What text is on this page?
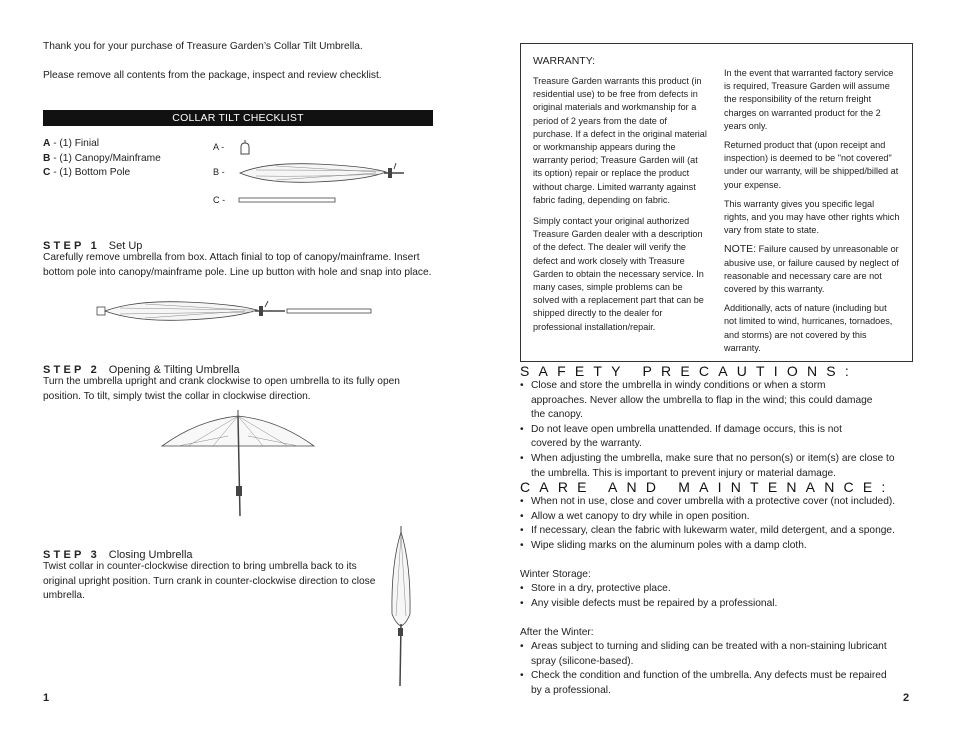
Thank you for your purchase of Treasure Garden’s Collar Tilt Umbrella.
Please remove all contents from the package, inspect and review checklist.
COLLAR TILT CHECKLIST
A - (1) Finial
B - (1) Canopy/Mainframe
C - (1) Bottom Pole
A -
B -
C -
STEP 1 Set Up
Carefully remove umbrella from box. Attach finial to top of canopy/mainframe. Insert bottom pole into canopy/mainframe pole. Line up button with hole and snap into place.
STEP 2 Opening & Tilting Umbrella
Turn the umbrella upright and crank clockwise to open umbrella to its fully open position. To tilt, simply twist the collar in clockwise direction.
STEP 3 Closing Umbrella
Twist collar in counter-clockwise direction to bring umbrella back to its original upright position. Turn crank in counter-clockwise direction to close umbrella.
1
WARRANTY:
Treasure Garden warrants this product (in residential use) to be free from defects in original materials and workmanship for a period of 2 years from the date of purchase. If a defect in the original material or workmanship appears during the warranty period; Treasure Garden will (at its option) repair or replace the product without charge. Limited warranty against fabric fading, depending on fabric.
Simply contact your original authorized Treasure Garden dealer with a description of the defect. The dealer will verify the defect and work closely with Treasure Garden to obtain the necessary service. In many cases, simple problems can be solved with a replacement part that can be shipped directly to the dealer for professional installation/repair.
In the event that warranted factory service is required, Treasure Garden will assume the responsibility of the return freight charges on warranted product for the 2 years only.
Returned product that (upon receipt and inspection) is deemed to be "not covered" under our warranty, will be shipped/billed at your expense.
This warranty gives you specific legal rights, and you may have other rights which vary from state to state.
NOTE: Failure caused by unreasonable or abusive use, or failure caused by neglect of reasonable and necessary care are not covered by this warranty.
Additionally, acts of nature (including but not limited to wind, hurricanes, tornadoes, and storms) are not covered by this warranty.
SAFETY PRECAUTIONS:
• Close and store the umbrella in windy conditions or when a storm approaches. Never allow the umbrella to flap in the wind; this could damage the canopy.
• Do not leave open umbrella unattended. If damage occurs, this is not covered by the warranty.
• When adjusting the umbrella, make sure that no person(s) or item(s) are close to the umbrella. This is important to prevent injury or material damage.
CARE AND MAINTENANCE:
• When not in use, close and cover umbrella with a protective cover (not included).
• Allow a wet canopy to dry while in open position.
• If necessary, clean the fabric with lukewarm water, mild detergent, and a sponge.
• Wipe sliding marks on the aluminum poles with a damp cloth.
Winter Storage:
• Store in a dry, protective place.
• Any visible defects must be repaired by a professional.
After the Winter:
• Areas subject to turning and sliding can be treated with a non-staining lubricant spray (silicone-based).
• Check the condition and function of the umbrella. Any defects must be repaired by a professional.
2
